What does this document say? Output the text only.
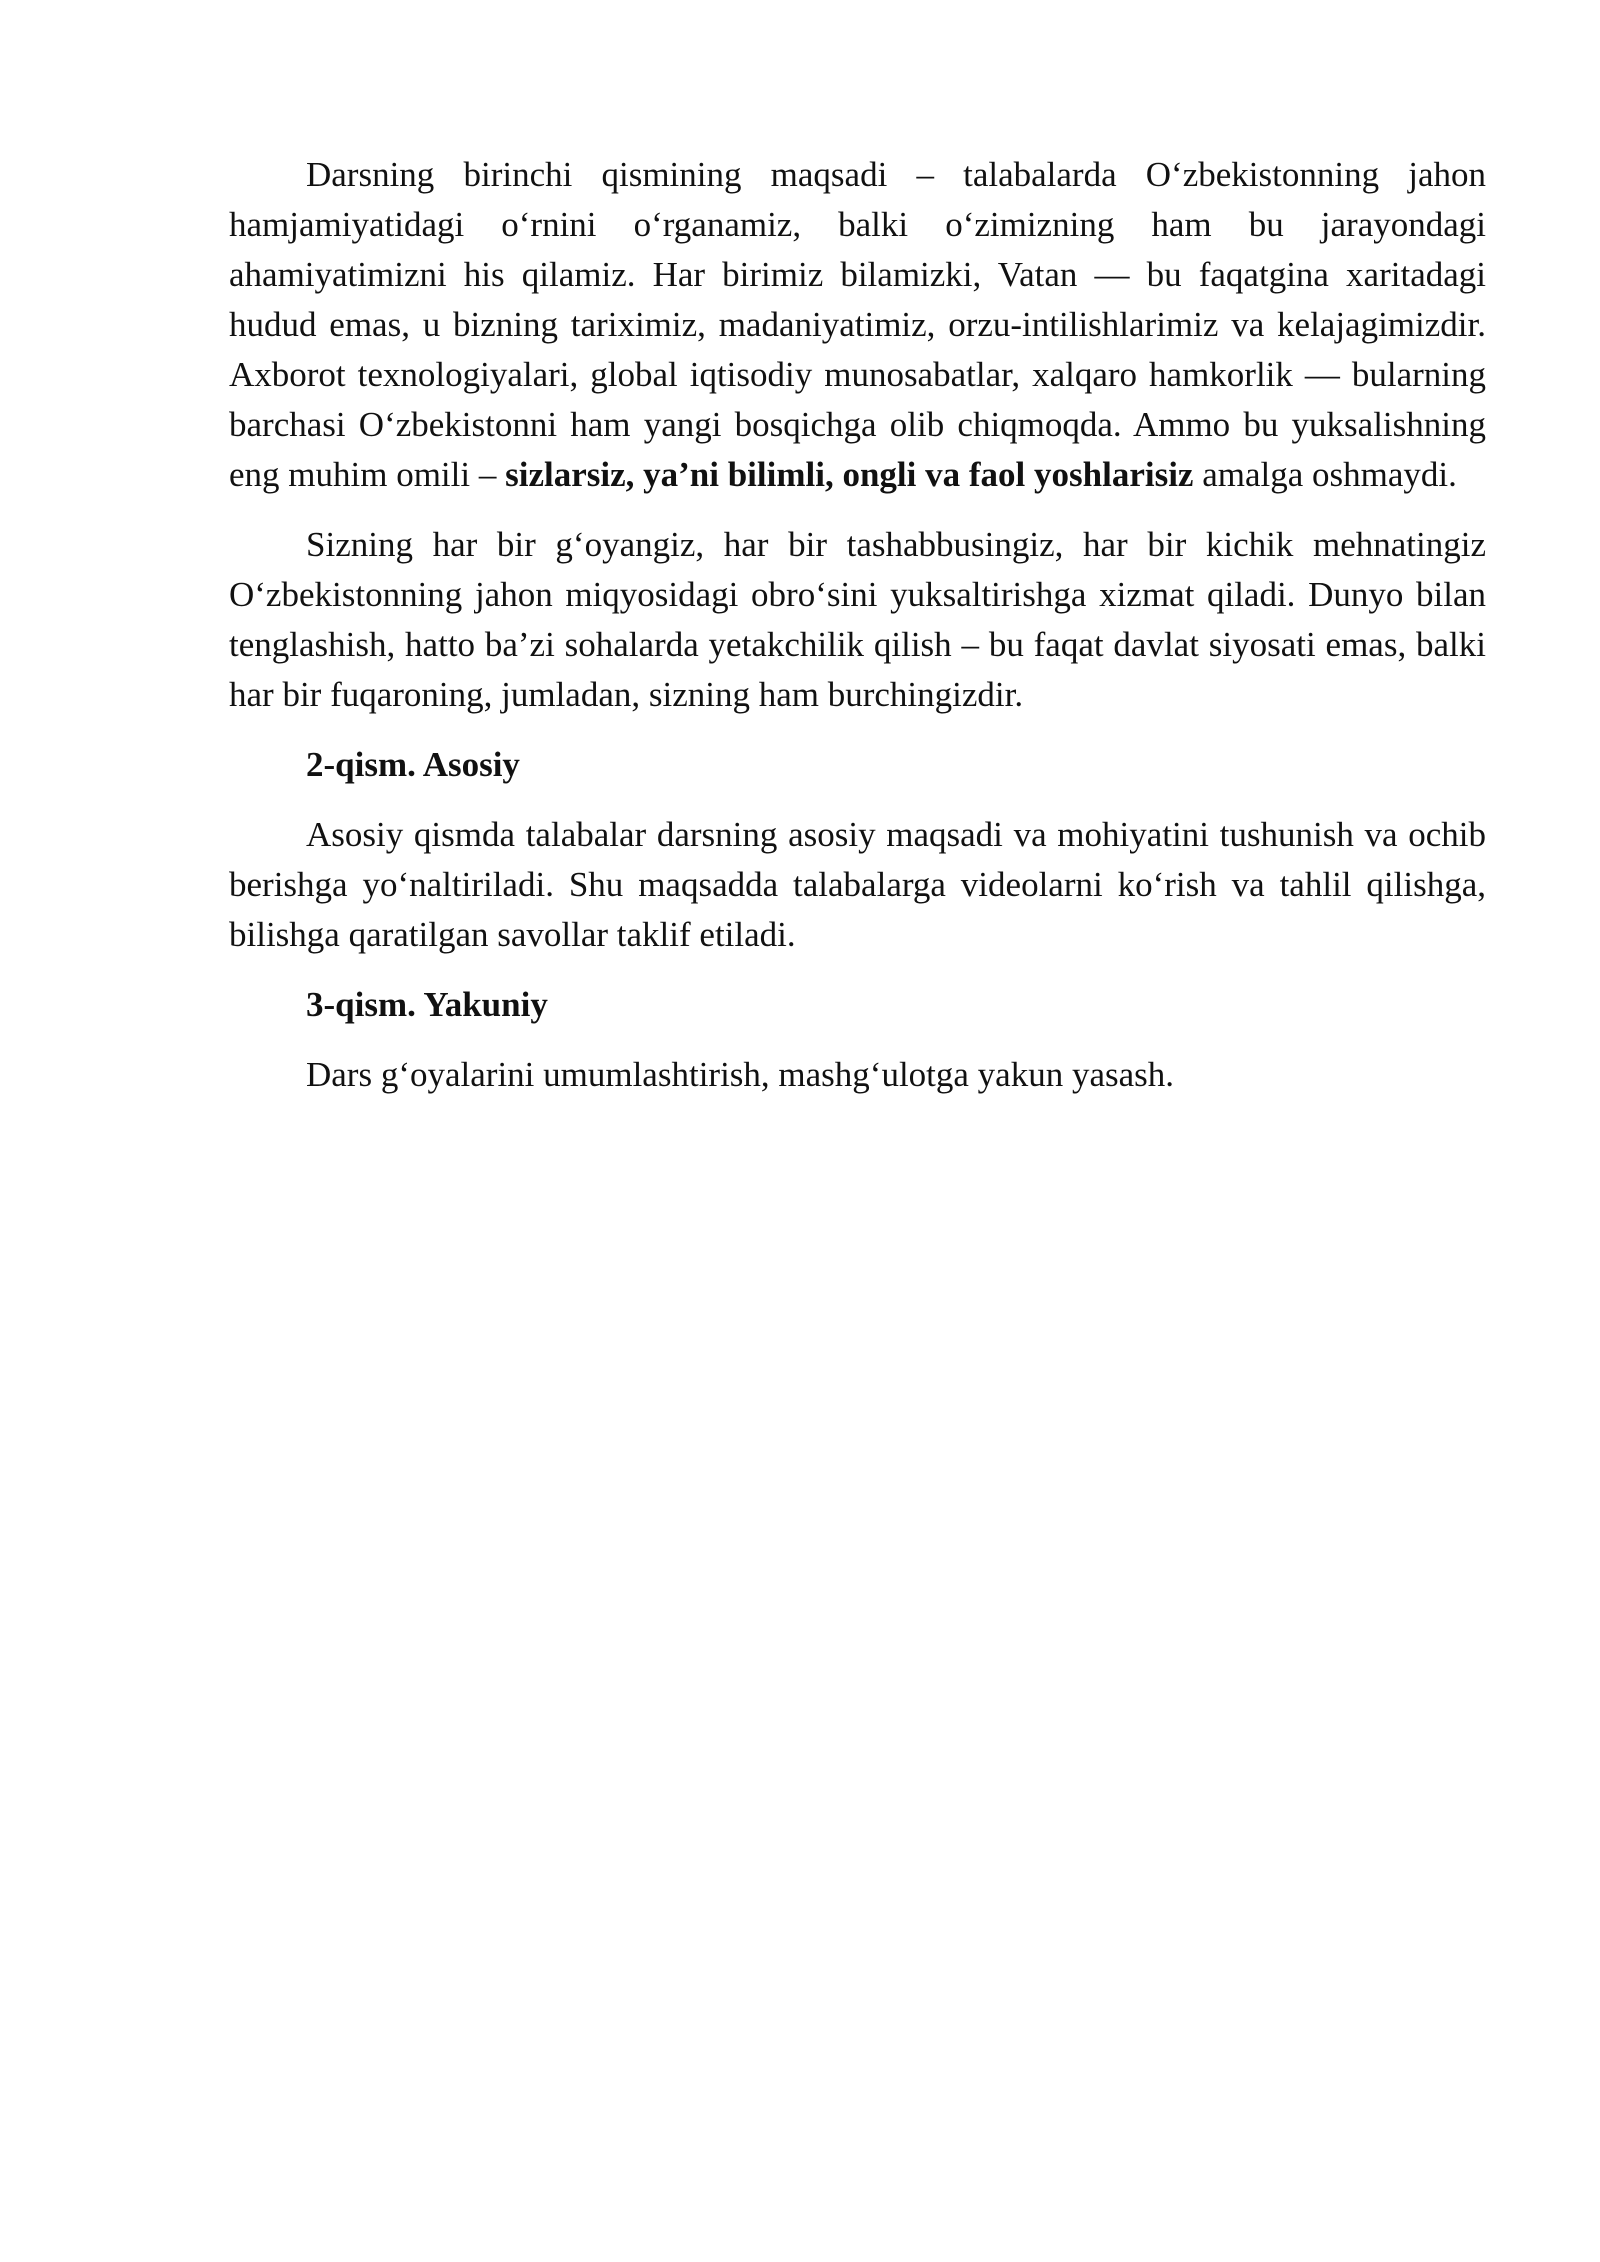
Darsning birinchi qismining maqsadi – talabalarda O‘zbekistonning jahon hamjamiyatidagi o‘rnini o‘rganamiz, balki o‘zimizning ham bu jarayondagi ahamiyatimizni his qilamiz. Har birimiz bilamizki, Vatan — bu faqatgina xaritadagi hudud emas, u bizning tariximiz, madaniyatimiz, orzu-intilishlarimiz va kelajagimizdir. Axborot texnologiyalari, global iqtisodiy munosabatlar, xalqaro hamkorlik — bularning barchasi O‘zbekistonni ham yangi bosqichga olib chiqmoqda. Ammo bu yuksalishning eng muhim omili – sizlarsiz, ya’ni bilimli, ongli va faol yoshlarisiz amalga oshmaydi.

Sizning har bir g‘oyangiz, har bir tashabbusingiz, har bir kichik mehnatingiz O‘zbekistonning jahon miqyosidagi obro‘sini yuksaltirishga xizmat qiladi. Dunyo bilan tenglashish, hatto ba’zi sohalarda yetakchilik qilish – bu faqat davlat siyosati emas, balki har bir fuqaroning, jumladan, sizning ham burchingizdir.

2-qism. Asosiy

Asosiy qismda talabalar darsning asosiy maqsadi va mohiyatini tushunish va ochib berishga yo‘naltiriladi. Shu maqsadda talabalarga videolarni ko‘rish va tahlil qilishga, bilishga qaratilgan savollar taklif etiladi.

3-qism. Yakuniy

Dars g‘oyalarini umumlashtirish, mashg‘ulotga yakun yasash.
